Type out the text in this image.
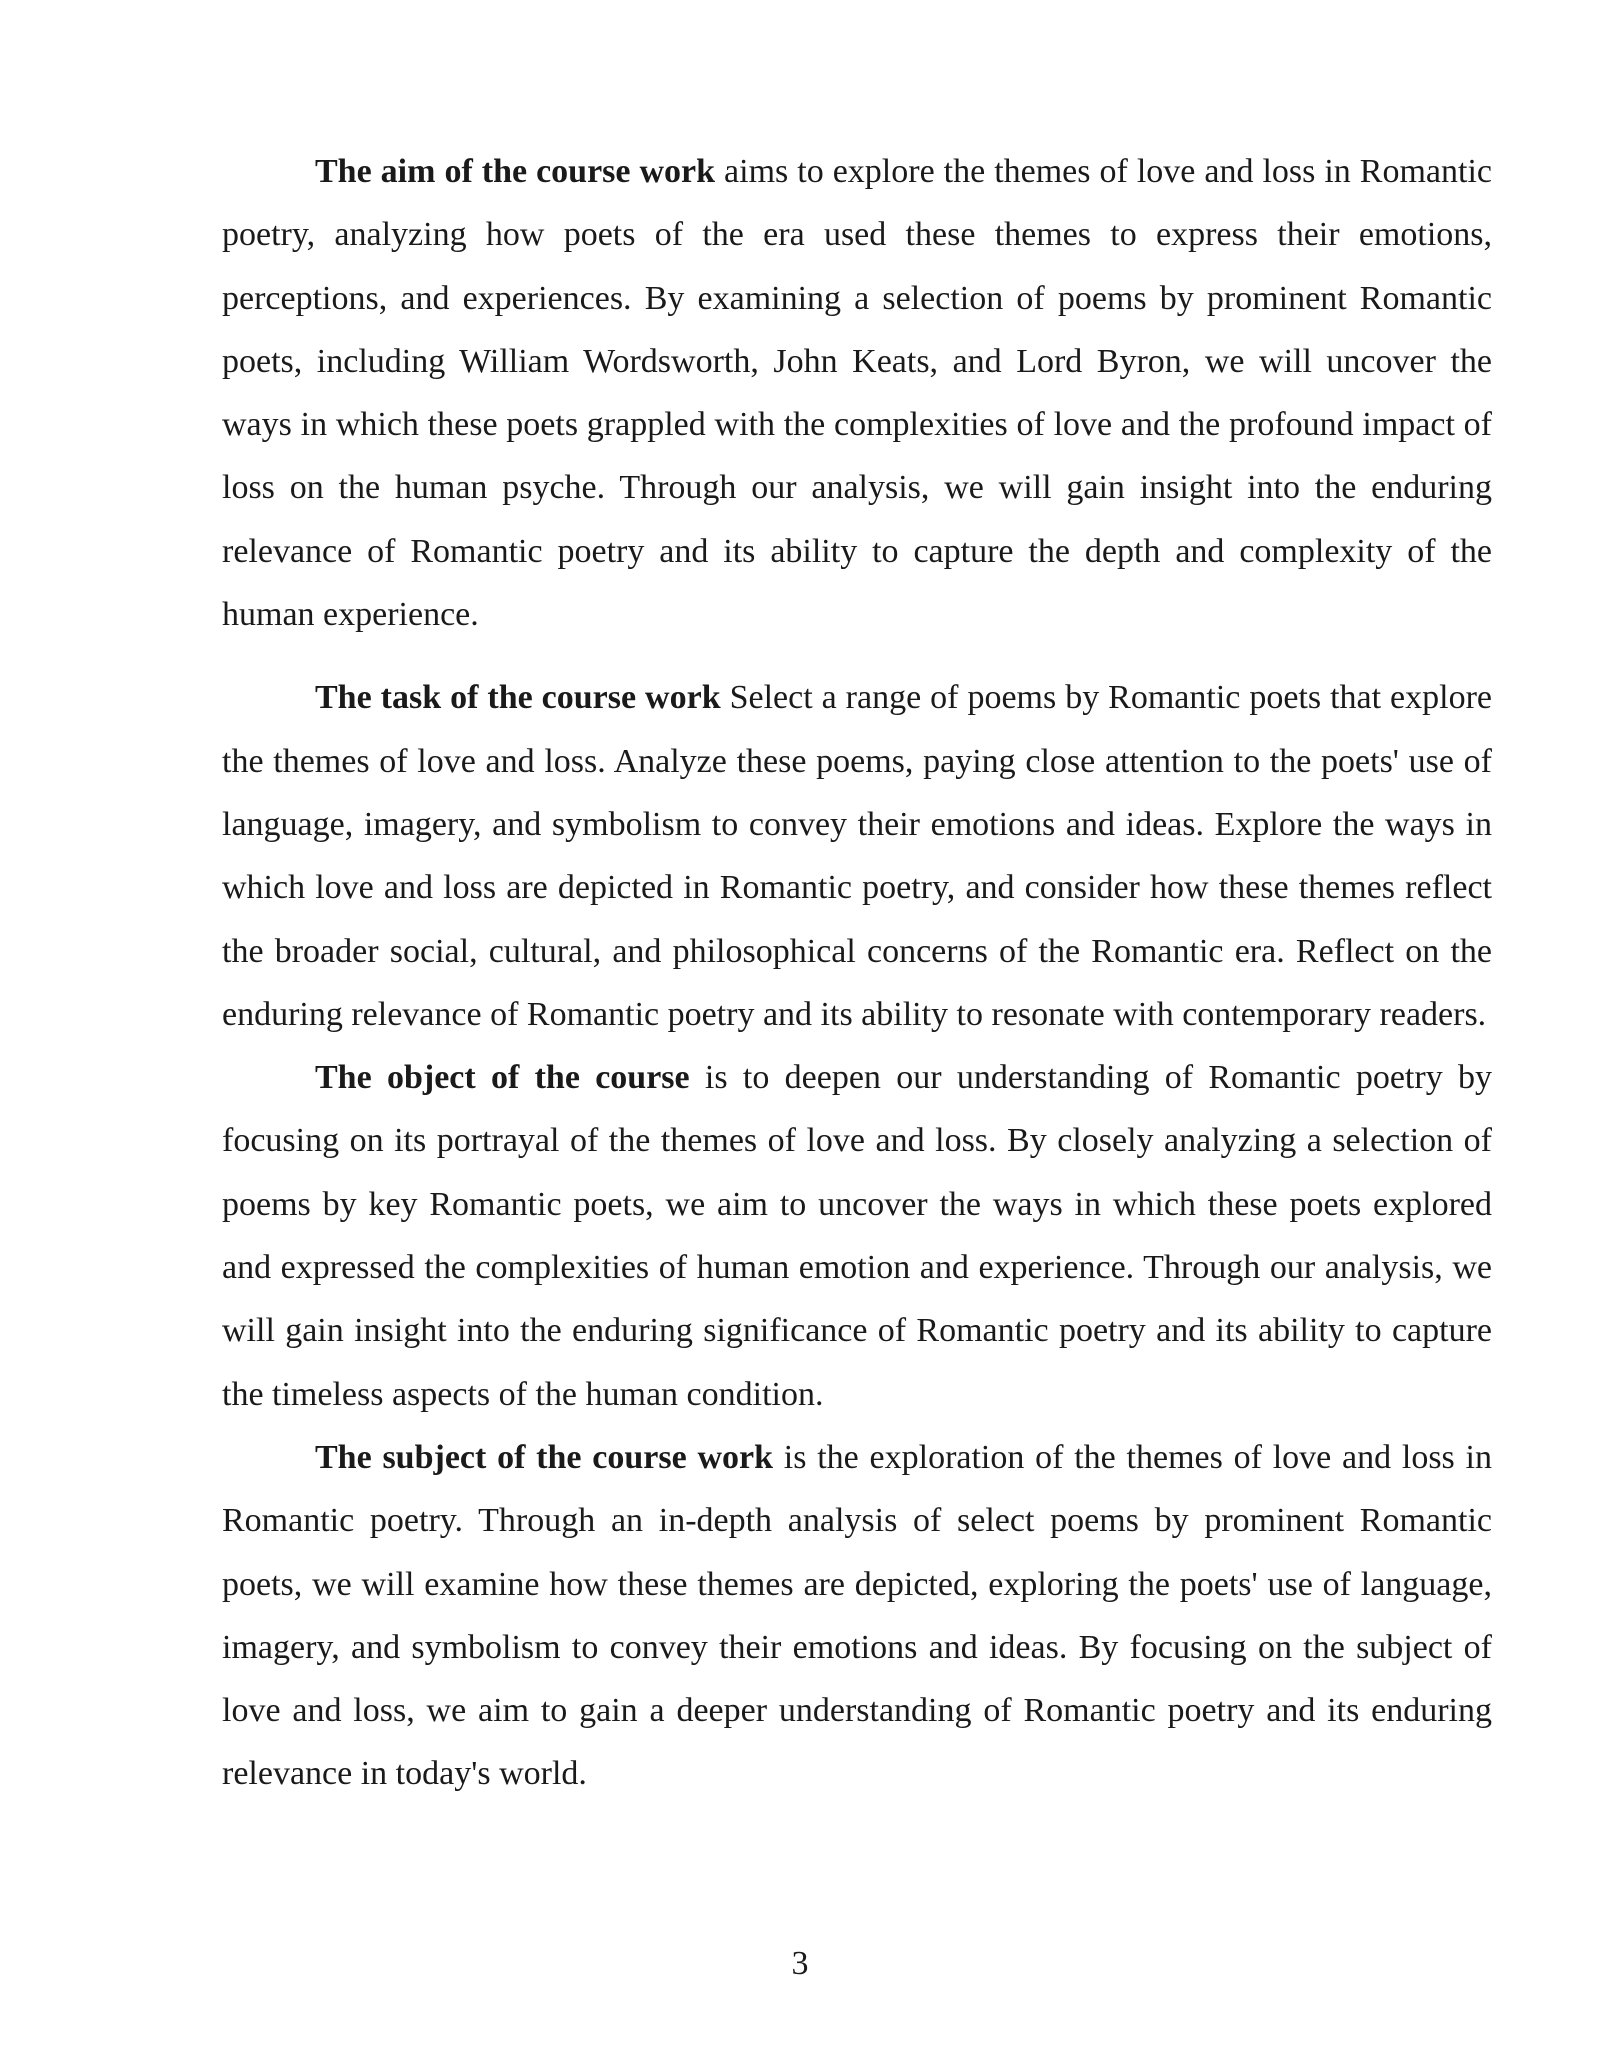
The aim of the course work aims to explore the themes of love and loss in Romantic poetry, analyzing how poets of the era used these themes to express their emotions, perceptions, and experiences. By examining a selection of poems by prominent Romantic poets, including William Wordsworth, John Keats, and Lord Byron, we will uncover the ways in which these poets grappled with the complexities of love and the profound impact of loss on the human psyche. Through our analysis, we will gain insight into the enduring relevance of Romantic poetry and its ability to capture the depth and complexity of the human experience.

The task of the course work Select a range of poems by Romantic poets that explore the themes of love and loss. Analyze these poems, paying close attention to the poets' use of language, imagery, and symbolism to convey their emotions and ideas. Explore the ways in which love and loss are depicted in Romantic poetry, and consider how these themes reflect the broader social, cultural, and philosophical concerns of the Romantic era. Reflect on the enduring relevance of Romantic poetry and its ability to resonate with contemporary readers.

The object of the course is to deepen our understanding of Romantic poetry by focusing on its portrayal of the themes of love and loss. By closely analyzing a selection of poems by key Romantic poets, we aim to uncover the ways in which these poets explored and expressed the complexities of human emotion and experience. Through our analysis, we will gain insight into the enduring significance of Romantic poetry and its ability to capture the timeless aspects of the human condition.

The subject of the course work is the exploration of the themes of love and loss in Romantic poetry. Through an in-depth analysis of select poems by prominent Romantic poets, we will examine how these themes are depicted, exploring the poets' use of language, imagery, and symbolism to convey their emotions and ideas. By focusing on the subject of love and loss, we aim to gain a deeper understanding of Romantic poetry and its enduring relevance in today's world.

3
